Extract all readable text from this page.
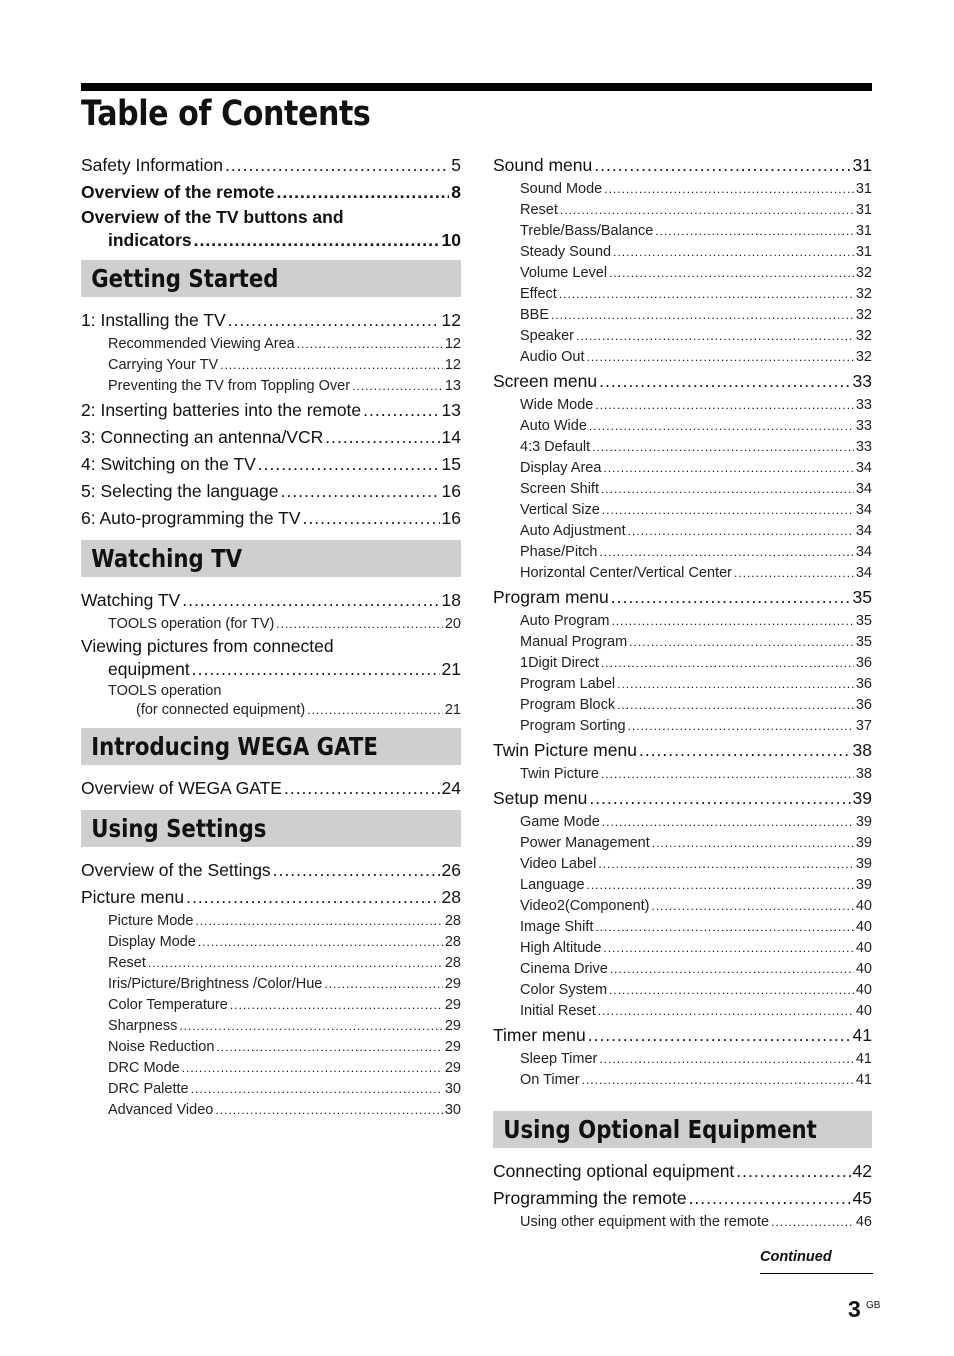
Table of Contents
Safety Information .....	5
Overview of the remote .....	8
Overview of the TV buttons and
indicators .....	10
Getting Started
1: Installing the TV .....	12
Recommended Viewing Area .....	12
Carrying Your TV .....	12
Preventing the TV from Toppling Over .....	13
2: Inserting batteries into the remote .....	13
3: Connecting an antenna/VCR .....	14
4: Switching on the TV .....	15
5: Selecting the language .....	16
6: Auto-programming the TV .....	16
Watching TV
Watching TV .....	18
TOOLS operation (for TV) .....	20
Viewing pictures from connected
equipment .....	21
TOOLS operation
(for connected equipment) .....	21
Introducing WEGA GATE
Overview of WEGA GATE .....	24
Using Settings
Overview of the Settings .....	26
Picture menu .....	28
Picture Mode .....	28
Display Mode .....	28
Reset .....	28
Iris/Picture/Brightness /Color/Hue .....	29
Color Temperature .....	29
Sharpness .....	29
Noise Reduction .....	29
DRC Mode .....	29
DRC Palette .....	30
Advanced Video .....	30
Sound menu .....	31
Sound Mode .....	31
Reset .....	31
Treble/Bass/Balance .....	31
Steady Sound .....	31
Volume Level .....	32
Effect .....	32
BBE .....	32
Speaker .....	32
Audio Out .....	32
Screen menu .....	33
Wide Mode .....	33
Auto Wide .....	33
4:3 Default .....	33
Display Area .....	34
Screen Shift .....	34
Vertical Size .....	34
Auto Adjustment .....	34
Phase/Pitch .....	34
Horizontal Center/Vertical Center .....	34
Program menu .....	35
Auto Program .....	35
Manual Program .....	35
1Digit Direct .....	36
Program Label .....	36
Program Block .....	36
Program Sorting .....	37
Twin Picture menu .....	38
Twin Picture .....	38
Setup menu .....	39
Game Mode .....	39
Power Management .....	39
Video Label .....	39
Language .....	39
Video2(Component) .....	40
Image Shift .....	40
High Altitude .....	40
Cinema Drive .....	40
Color System .....	40
Initial Reset .....	40
Timer menu .....	41
Sleep Timer .....	41
On Timer .....	41
Using Optional Equipment
Connecting optional equipment .....	42
Programming the remote .....	45
Using other equipment with the remote .....	46
Continued
3 GB
